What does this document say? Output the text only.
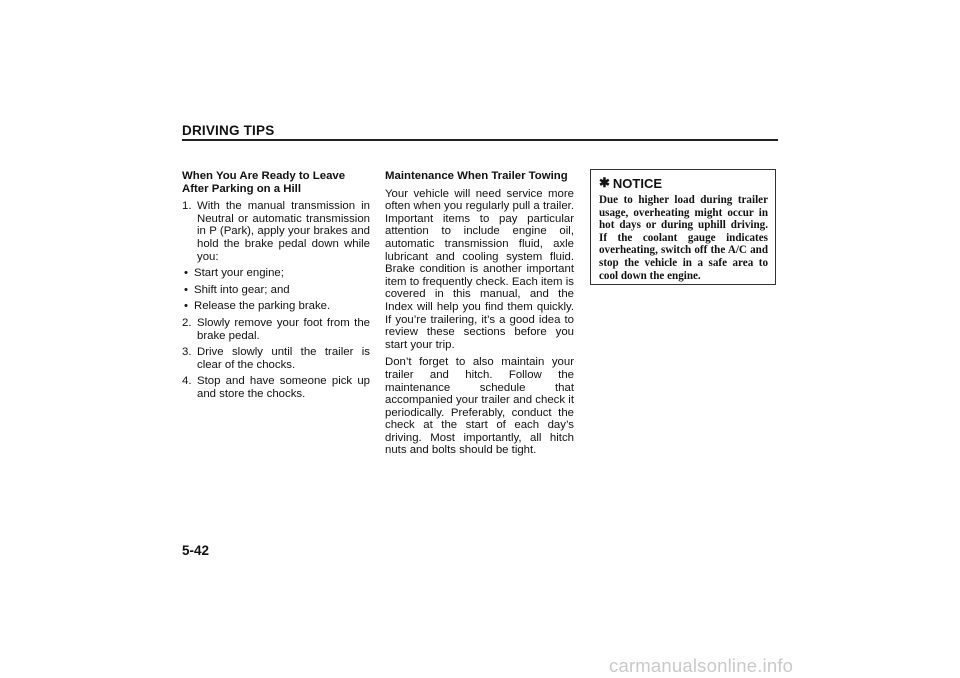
DRIVING TIPS
When You Are Ready to Leave After Parking on a Hill
1. With the manual transmission in Neutral or automatic transmission in P (Park), apply your brakes and hold the brake pedal down while you:
• Start your engine;
• Shift into gear; and
• Release the parking brake.
2. Slowly remove your foot from the brake pedal.
3. Drive slowly until the trailer is clear of the chocks.
4. Stop and have someone pick up and store the chocks.
Maintenance When Trailer Towing
Your vehicle will need service more often when you regularly pull a trailer. Important items to pay particular attention to include engine oil, automatic transmission fluid, axle lubricant and cooling system fluid. Brake condition is another important item to frequently check. Each item is covered in this manual, and the Index will help you find them quickly. If you’re trailering, it’s a good idea to review these sections before you start your trip.
Don’t forget to also maintain your trailer and hitch. Follow the maintenance schedule that accompanied your trailer and check it periodically. Preferably, conduct the check at the start of each day’s driving. Most importantly, all hitch nuts and bolts should be tight.
✱ NOTICE
Due to higher load during trailer usage, overheating might occur in hot days or during uphill driving. If the coolant gauge indicates overheating, switch off the A/C and stop the vehicle in a safe area to cool down the engine.
5-42
carmanualsonline.info
